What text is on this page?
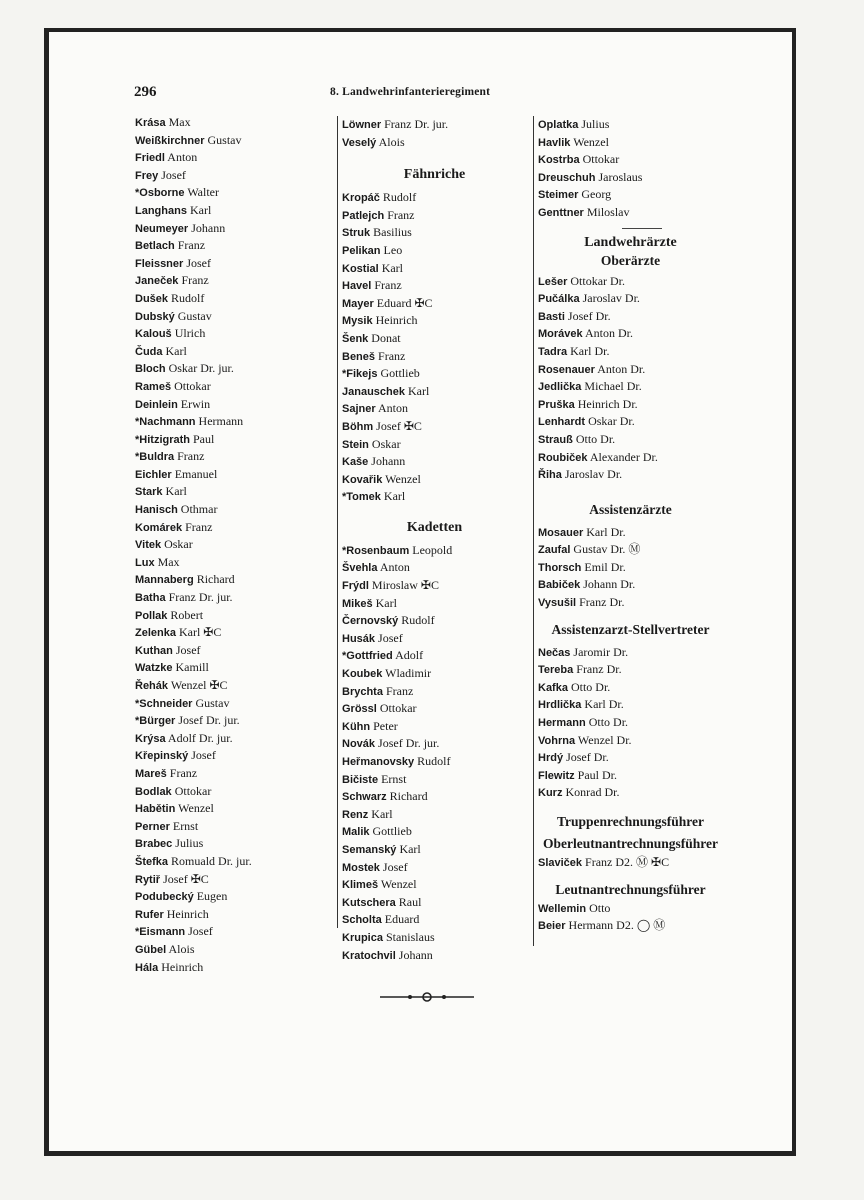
296	8. Landwehrinfanterieregiment
Krása Max
Weißkirchner Gustav
Friedl Anton
Frey Josef
*Osborne Walter
Langhans Karl
Neumeyer Johann
Betlach Franz
Fleissner Josef
Janeček Franz
Dušek Rudolf
Dubský Gustav
Kalouš Ulrich
Čuda Karl
Bloch Oskar Dr. jur.
Rameš Ottokar
Deinlein Erwin
*Nachmann Hermann
*Hitzigrath Paul
*Buldra Franz
Eichler Emanuel
Stark Karl
Hanisch Othmar
Komárek Franz
Vitek Oskar
Lux Max
Mannaberg Richard
Batha Franz Dr. jur.
Pollak Robert
Zelenka Karl ✠C
Kuthan Josef
Watzke Kamill
Řehák Wenzel ✠C
*Schneider Gustav
*Bürger Josef Dr. jur.
Krýsa Adolf Dr. jur.
Křepinský Josef
Mareš Franz
Bodlak Ottokar
Habětin Wenzel
Perner Ernst
Brabec Julius
Štefka Romuald Dr. jur.
Rytiř Josef ✠C
Podubecký Eugen
Rufer Heinrich
*Eismann Josef
Gübel Alois
Hála Heinrich
Löwner Franz Dr. jur.
Veselý Alois
Fähnriche
Kropáč Rudolf
Patlejch Franz
Struk Basilius
Pelikan Leo
Kostial Karl
Havel Franz
Mayer Eduard ✠C
Mysik Heinrich
Šenk Donat
Beneš Franz
*Fikejs Gottlieb
Janauschek Karl
Sajner Anton
Böhm Josef ✠C
Stein Oskar
Kaše Johann
Kovařik Wenzel
*Tomek Karl
Kadetten
*Rosenbaum Leopold
Švehla Anton
Frýdl Miroslaw ✠C
Mikeš Karl
Černovský Rudolf
Husák Josef
*Gottfried Adolf
Koubek Wladimir
Brychta Franz
Grössl Ottokar
Kühn Peter
Novák Josef Dr. jur.
Heřmanovsky Rudolf
Bičiste Ernst
Schwarz Richard
Renz Karl
Malik Gottlieb
Semanský Karl
Mostek Josef
Klimeš Wenzel
Kutschera Raul
Scholta Eduard
Krupica Stanislaus
Kratochvil Johann
Oplatka Julius
Havlik Wenzel
Kostrba Ottokar
Dreuschuh Jaroslaus
Steimer Georg
Genttner Miloslav
Landwehrärzte
Oberärzte
Lešer Ottokar Dr.
Pučálka Jaroslav Dr.
Basti Josef Dr.
Morávek Anton Dr.
Tadra Karl Dr.
Rosenauer Anton Dr.
Jedlička Michael Dr.
Pruška Heinrich Dr.
Lenhardt Oskar Dr.
Strauß Otto Dr.
Roubiček Alexander Dr.
Řiha Jaroslav Dr.
Assistenzärzte
Mosauer Karl Dr.
Zaufal Gustav Dr. Ⓜ
Thorsch Emil Dr.
Babiček Johann Dr.
Vysušil Franz Dr.
Assistenzarzt-Stellvertreter
Nečas Jaromir Dr.
Tereba Franz Dr.
Kafka Otto Dr.
Hrdlička Karl Dr.
Hermann Otto Dr.
Vohrna Wenzel Dr.
Hrdý Josef Dr.
Flewitz Paul Dr.
Kurz Konrad Dr.
Truppenrechnungsführer
Oberleutnantrechnungsführer
Slaviček Franz D2. Ⓜ ✠C
Leutnantrechnungsführer
Wellemin Otto
Beier Hermann D2. ◯ Ⓜ
